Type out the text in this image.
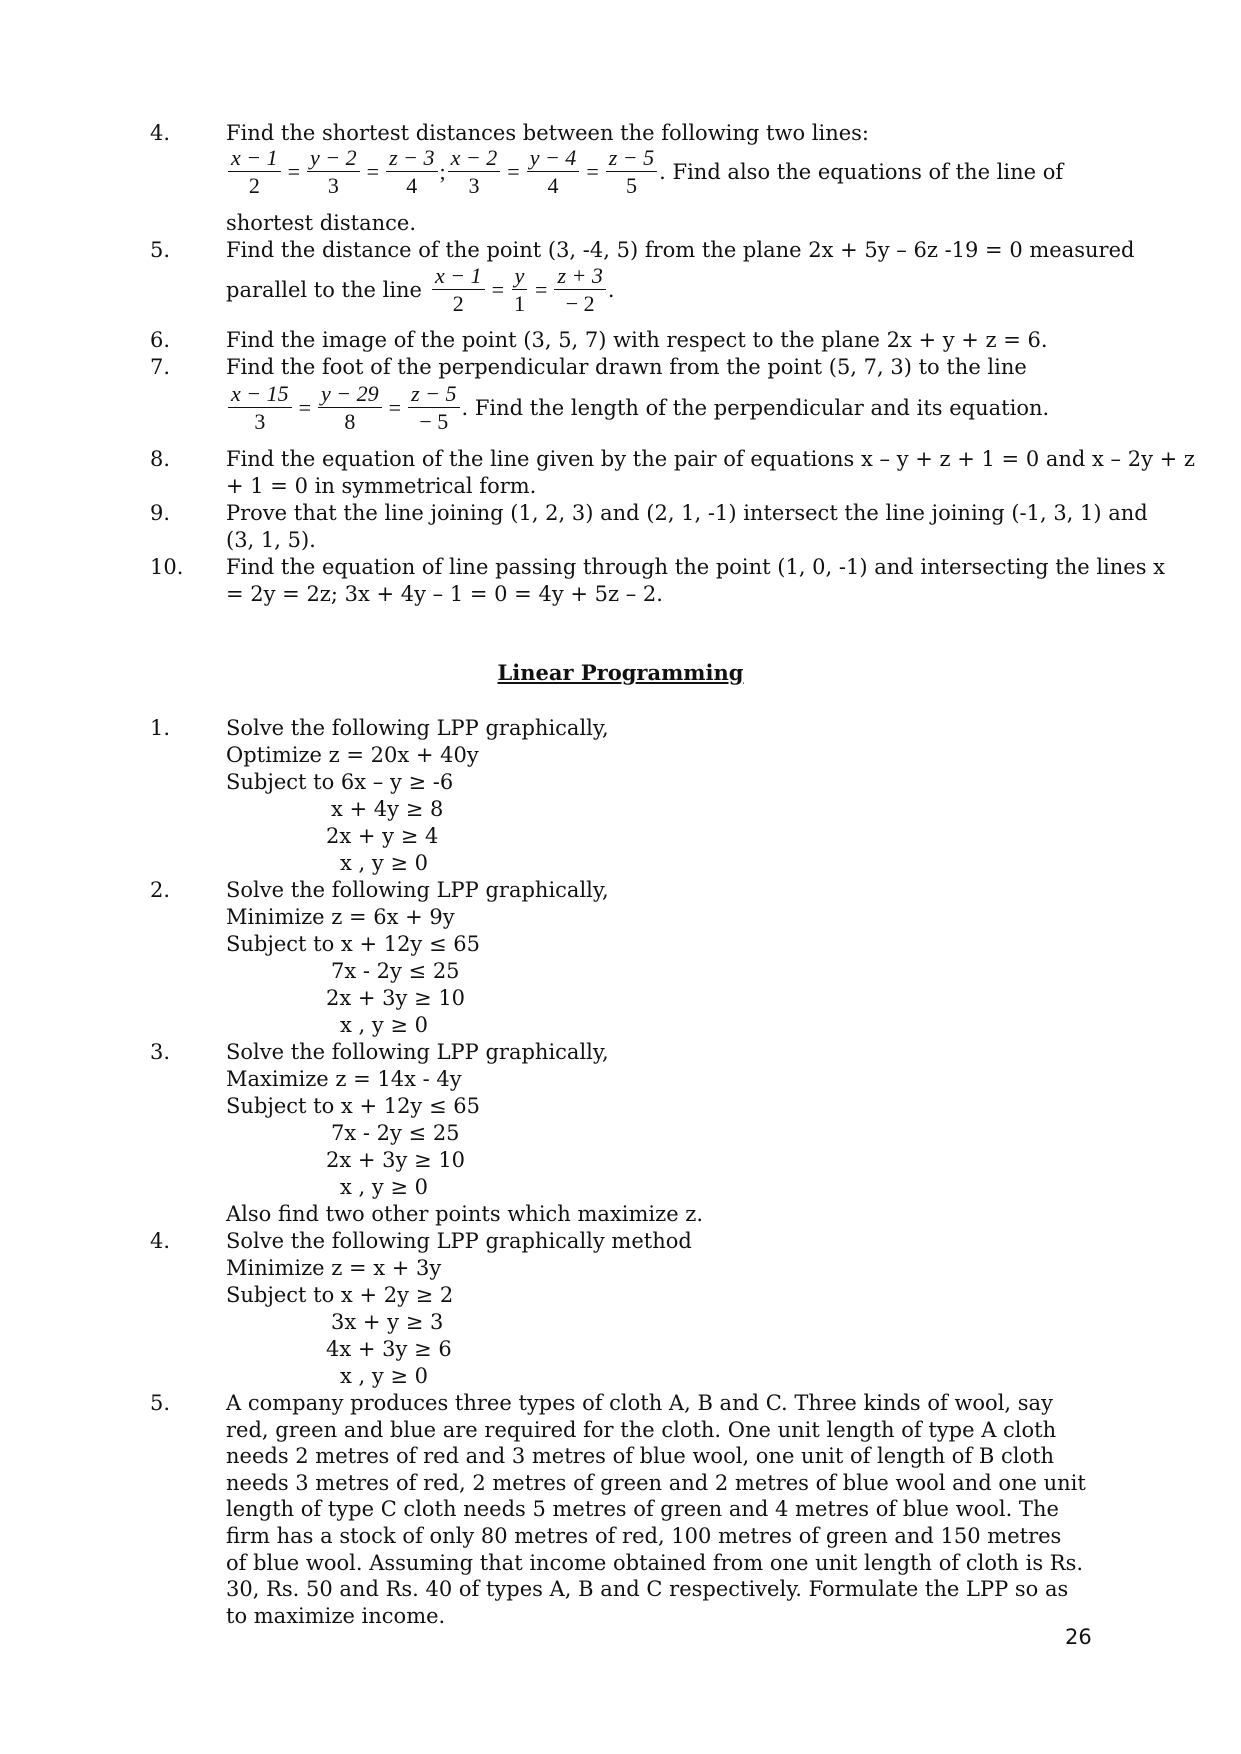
4.	Find the shortest distances between the following two lines:
$\frac{x - 1}{2} = \frac{y - 2}{3} = \frac{z - 3}{4}$ ; $\frac{x - 2}{3} = \frac{y - 4}{4} = \frac{z - 5}{5}$ . Find also the equations of the line of
shortest distance.
5.	Find the distance of the point (3, -4, 5) from the plane 2x + 5y – 6z -19 = 0 measured
parallel to the line $\frac{x - 1}{2} = \frac{y}{1} = \frac{z + 3}{- 2}$ .
6.	Find the image of the point (3, 5, 7) with respect to the plane 2x + y + z = 6.
7.	Find the foot of the perpendicular drawn from the point (5, 7, 3) to the line
$\frac{x - 15}{3} = \frac{y - 29}{8} = \frac{z - 5}{- 5}$ . Find the length of the perpendicular and its equation.
8.	Find the equation of the line given by the pair of equations x – y + z + 1 = 0 and x – 2y + z
+ 1 = 0 in symmetrical form.
9.	Prove that the line joining (1, 2, 3) and (2, 1, -1) intersect the line joining (-1, 3, 1) and
(3, 1, 5).
10. Find the equation of line passing through the point (1, 0, -1) and intersecting the lines x
= 2y = 2z; 3x + 4y – 1 = 0 = 4y + 5z – 2.
Linear Programming
1.	Solve the following LPP graphically,
Optimize z = 20x + 40y
Subject to 6x – y ≥ -6
x + 4y ≥ 8
2x + y ≥ 4
x , y ≥ 0
2.	Solve the following LPP graphically,
Minimize z = 6x + 9y
Subject to x + 12y ≤ 65
7x - 2y ≤ 25
2x + 3y ≥ 10
x , y ≥ 0
3.	Solve the following LPP graphically,
Maximize z = 14x - 4y
Subject to x + 12y ≤ 65
7x - 2y ≤ 25
2x + 3y ≥ 10
x , y ≥ 0
Also find two other points which maximize z.
4.	Solve the following LPP graphically method
Minimize z = x + 3y
Subject to x + 2y ≥ 2
3x + y ≥ 3
4x + 3y ≥ 6
x , y ≥ 0
5.	A company produces three types of cloth A, B and C. Three kinds of wool, say red, green and blue are required for the cloth. One unit length of type A cloth needs 2 metres of red and 3 metres of blue wool, one unit of length of B cloth needs 3 metres of red, 2 metres of green and 2 metres of blue wool and one unit length of type C cloth needs 5 metres of green and 4 metres of blue wool. The firm has a stock of only 80 metres of red, 100 metres of green and 150 metres of blue wool. Assuming that income obtained from one unit length of cloth is Rs. 30, Rs. 50 and Rs. 40 of types A, B and C respectively. Formulate the LPP so as to maximize income.
26
